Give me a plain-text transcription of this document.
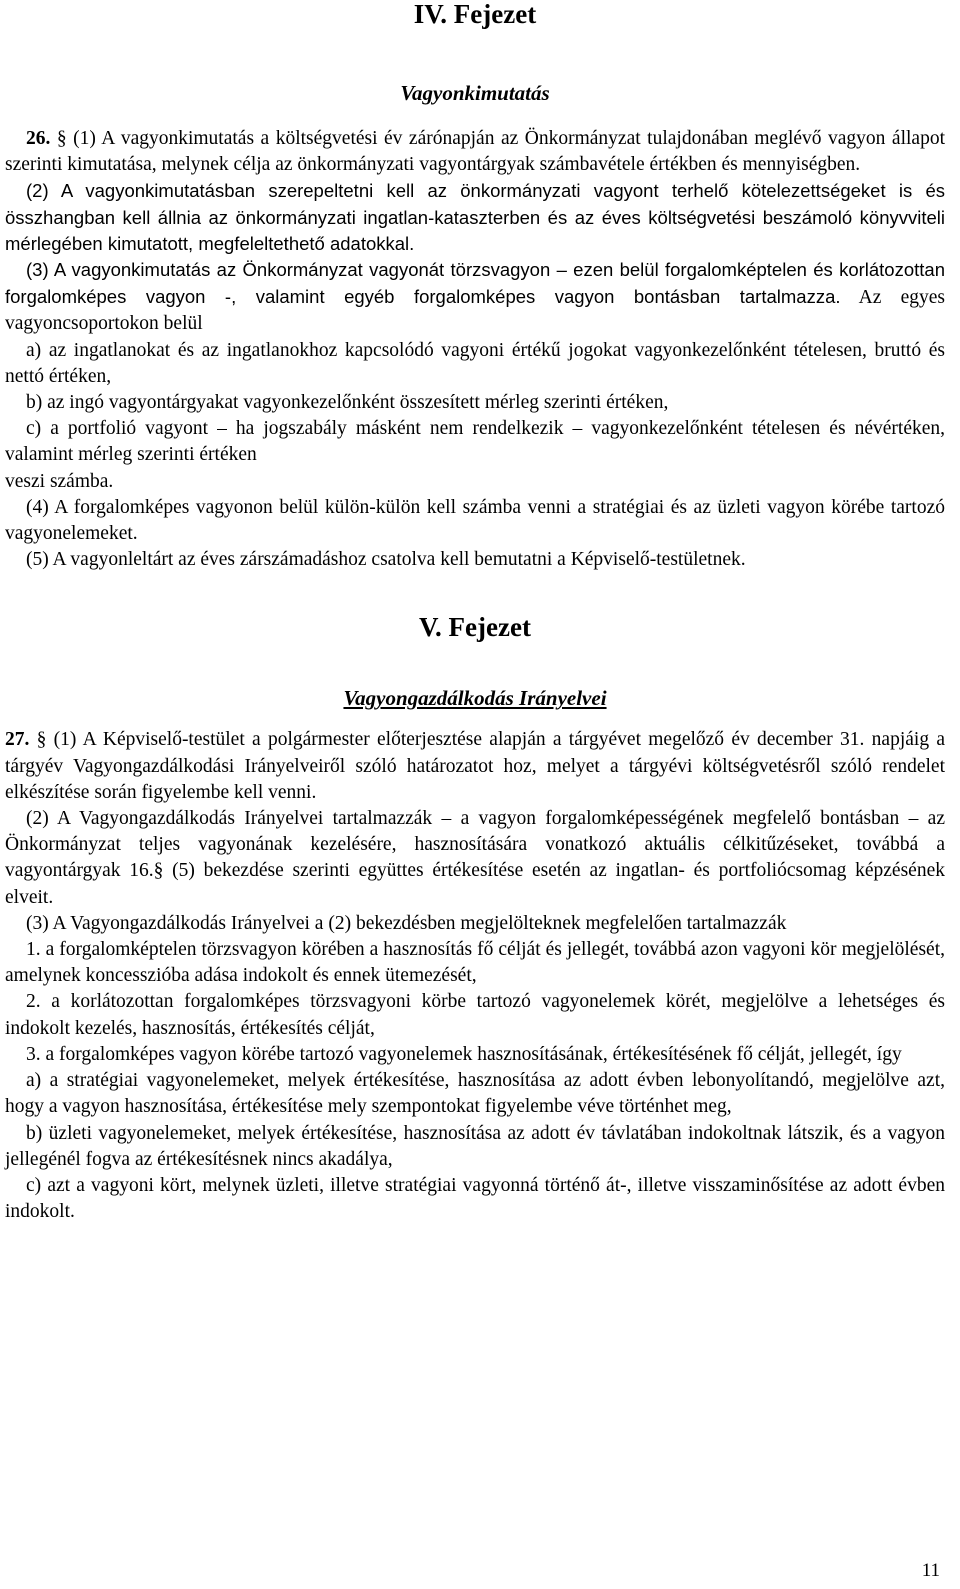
IV. Fejezet
Vagyonkimutatás

26. § (1) A vagyonkimutatás a költségvetési év zárónapján az Önkormányzat tulajdonában meglévő vagyon állapot szerinti kimutatása, melynek célja az önkormányzati vagyontárgyak számbavétele értékben és mennyiségben.

(2) A vagyonkimutatásban szerepeltetni kell az önkormányzati vagyont terhelő kötelezettségeket is és összhangban kell állnia az önkormányzati ingatlan-kataszterben és az éves költségvetési beszámoló könyvviteli mérlegében kimutatott, megfeleltethető adatokkal.

(3) A vagyonkimutatás az Önkormányzat vagyonát törzsvagyon – ezen belül forgalomképtelen és korlátozottan forgalomképes vagyon -, valamint egyéb forgalomképes vagyon bontásban tartalmazza. Az egyes vagyoncsoportokon belül

a) az ingatlanokat és az ingatlanokhoz kapcsolódó vagyoni értékű jogokat vagyonkezelőnként tételesen, bruttó és nettó értéken,

b) az ingó vagyontárgyakat vagyonkezelőnként összesített mérleg szerinti értéken,

c) a portfolió vagyont – ha jogszabály másként nem rendelkezik – vagyonkezelőnként tételesen és névértéken, valamint mérleg szerinti értéken

veszi számba.

(4) A forgalomképes vagyonon belül külön-külön kell számba venni a stratégiai és az üzleti vagyon körébe tartozó vagyonelemeket.

(5) A vagyonleltárt az éves zárszámadáshoz csatolva kell bemutatni a Képviselő-testületnek.

V. Fejezet
Vagyongazdálkodás Irányelvei

27. § (1) A Képviselő-testület a polgármester előterjesztése alapján a tárgyévet megelőző év december 31. napjáig a tárgyév Vagyongazdálkodási Irányelveiről szóló határozatot hoz, melyet a tárgyévi költségvetésről szóló rendelet elkészítése során figyelembe kell venni.

(2) A Vagyongazdálkodás Irányelvei tartalmazzák – a vagyon forgalomképességének megfelelő bontásban – az Önkormányzat teljes vagyonának kezelésére, hasznosítására vonatkozó aktuális célkitűzéseket, továbbá a vagyontárgyak 16.§ (5) bekezdése szerinti együttes értékesítése esetén az ingatlan- és portfoliócsomag képzésének elveit.

(3) A Vagyongazdálkodás Irányelvei a (2) bekezdésben megjelölteknek megfelelően tartalmazzák

1. a forgalomképtelen törzsvagyon körében a hasznosítás fő célját és jellegét, továbbá azon vagyoni kör megjelölését, amelynek koncesszióba adása indokolt és ennek ütemezését,

2. a korlátozottan forgalomképes törzsvagyoni körbe tartozó vagyonelemek körét, megjelölve a lehetséges és indokolt kezelés, hasznosítás, értékesítés célját,

3. a forgalomképes vagyon körébe tartozó vagyonelemek hasznosításának, értékesítésének fő célját, jellegét, így

a) a stratégiai vagyonelemeket, melyek értékesítése, hasznosítása az adott évben lebonyolítandó, megjelölve azt, hogy a vagyon hasznosítása, értékesítése mely szempontokat figyelembe véve történhet meg,

b) üzleti vagyonelemeket, melyek értékesítése, hasznosítása az adott év távlatában indokoltnak látszik, és a vagyon jellegénél fogva az értékesítésnek nincs akadálya,

c) azt a vagyoni kört, melynek üzleti, illetve stratégiai vagyonná történő át-, illetve visszaminősítése az adott évben indokolt.

11
